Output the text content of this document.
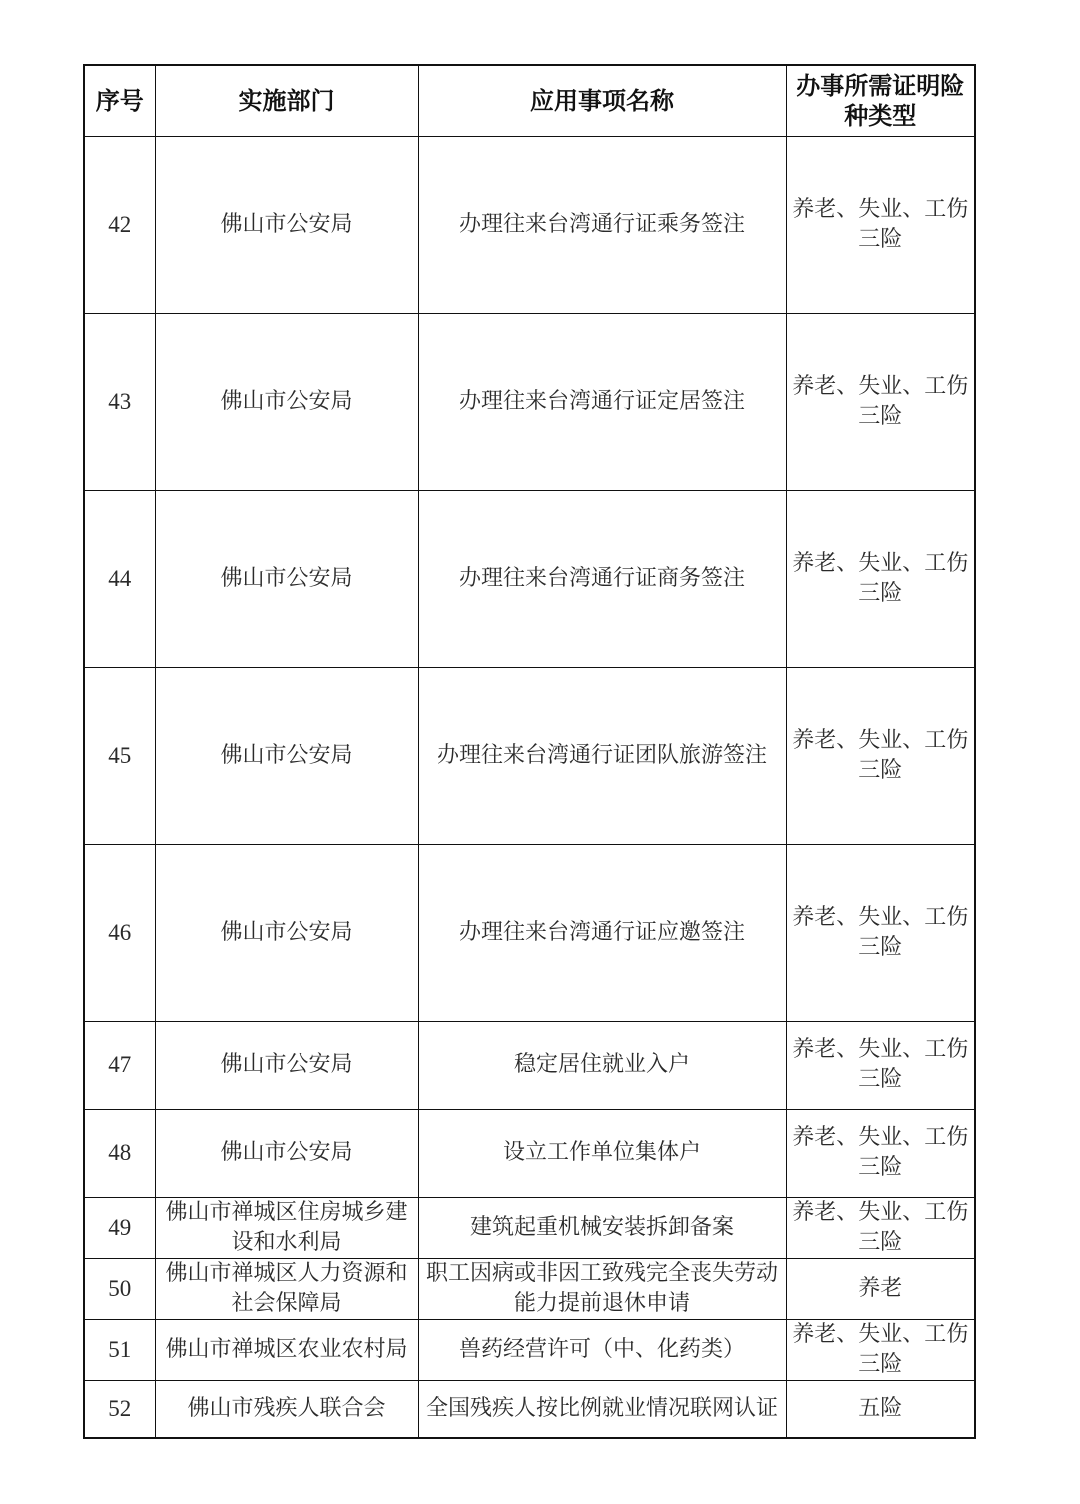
序号	实施部门	应用事项名称	办事所需证明险种类型
42	佛山市公安局	办理往来台湾通行证乘务签注	养老、失业、工伤三险
43	佛山市公安局	办理往来台湾通行证定居签注	养老、失业、工伤三险
44	佛山市公安局	办理往来台湾通行证商务签注	养老、失业、工伤三险
45	佛山市公安局	办理往来台湾通行证团队旅游签注	养老、失业、工伤三险
46	佛山市公安局	办理往来台湾通行证应邀签注	养老、失业、工伤三险
47	佛山市公安局	稳定居住就业入户	养老、失业、工伤三险
48	佛山市公安局	设立工作单位集体户	养老、失业、工伤三险
49	佛山市禅城区住房城乡建设和水利局	建筑起重机械安装拆卸备案	养老、失业、工伤三险
50	佛山市禅城区人力资源和社会保障局	职工因病或非因工致残完全丧失劳动能力提前退休申请	养老
51	佛山市禅城区农业农村局	兽药经营许可（中、化药类）	养老、失业、工伤三险
52	佛山市残疾人联合会	全国残疾人按比例就业情况联网认证	五险
